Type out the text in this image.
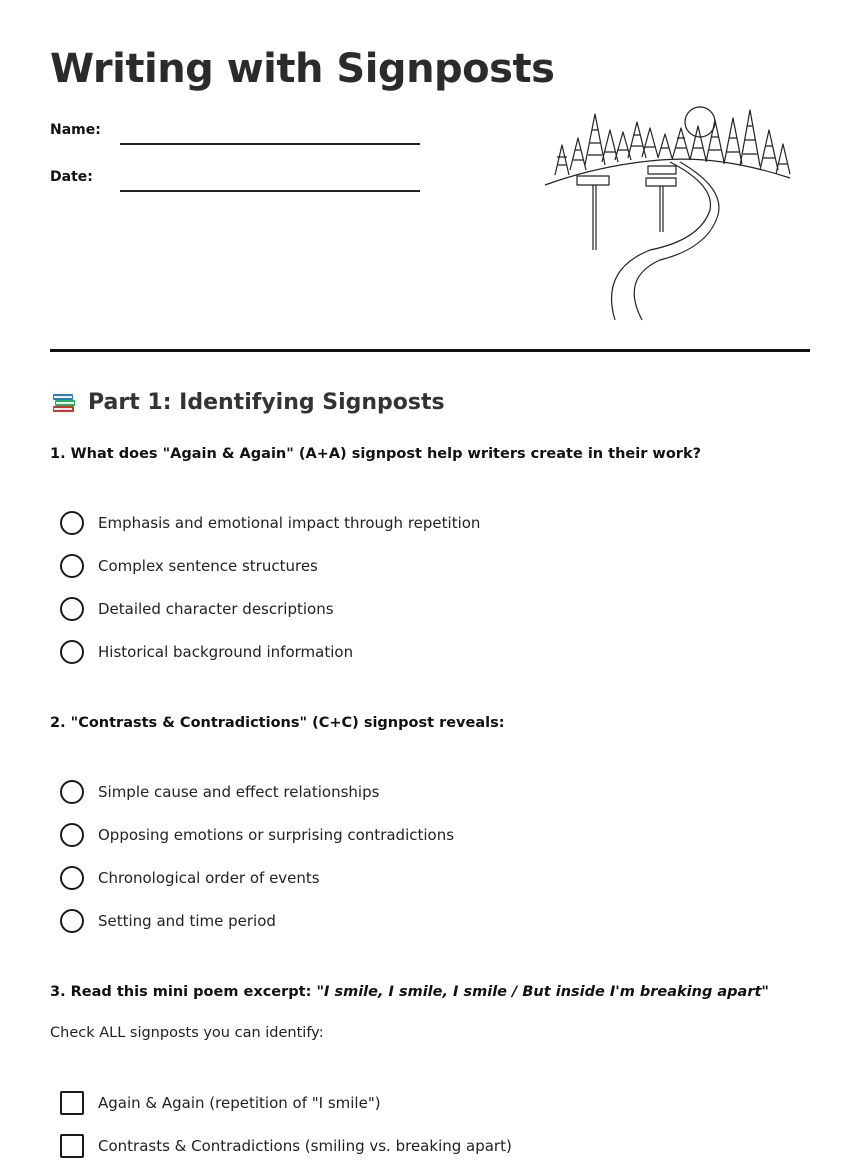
Writing with Signposts
Name:
Date:
Part 1: Identifying Signposts
1. What does "Again & Again" (A+A) signpost help writers create in their work?
Emphasis and emotional impact through repetition
Complex sentence structures
Detailed character descriptions
Historical background information
2. "Contrasts & Contradictions" (C+C) signpost reveals:
Simple cause and effect relationships
Opposing emotions or surprising contradictions
Chronological order of events
Setting and time period
3. Read this mini poem excerpt: "I smile, I smile, I smile / But inside I'm breaking apart"
Check ALL signposts you can identify:
Again & Again (repetition of "I smile")
Contrasts & Contradictions (smiling vs. breaking apart)
